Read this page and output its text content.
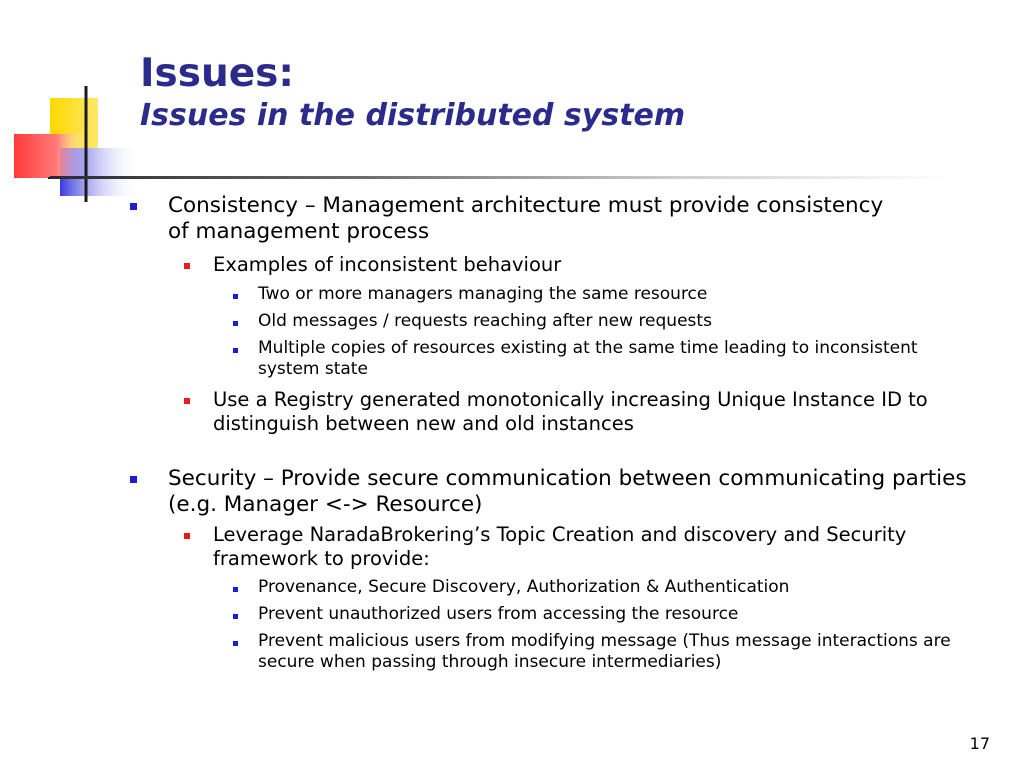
Issues:
Issues in the distributed system
Consistency – Management architecture must provide consistency of management process
Examples of inconsistent behaviour
Two or more managers managing the same resource
Old messages / requests reaching after new requests
Multiple copies of resources existing at the same time leading to inconsistent system state
Use a Registry generated monotonically increasing Unique Instance ID to distinguish between new and old instances
Security – Provide secure communication between communicating parties (e.g. Manager <-> Resource)
Leverage NaradaBrokering’s Topic Creation and discovery and Security framework to provide:
Provenance, Secure Discovery, Authorization & Authentication
Prevent unauthorized users from accessing the resource
Prevent malicious users from modifying message (Thus message interactions are secure when passing through insecure intermediaries)
17
